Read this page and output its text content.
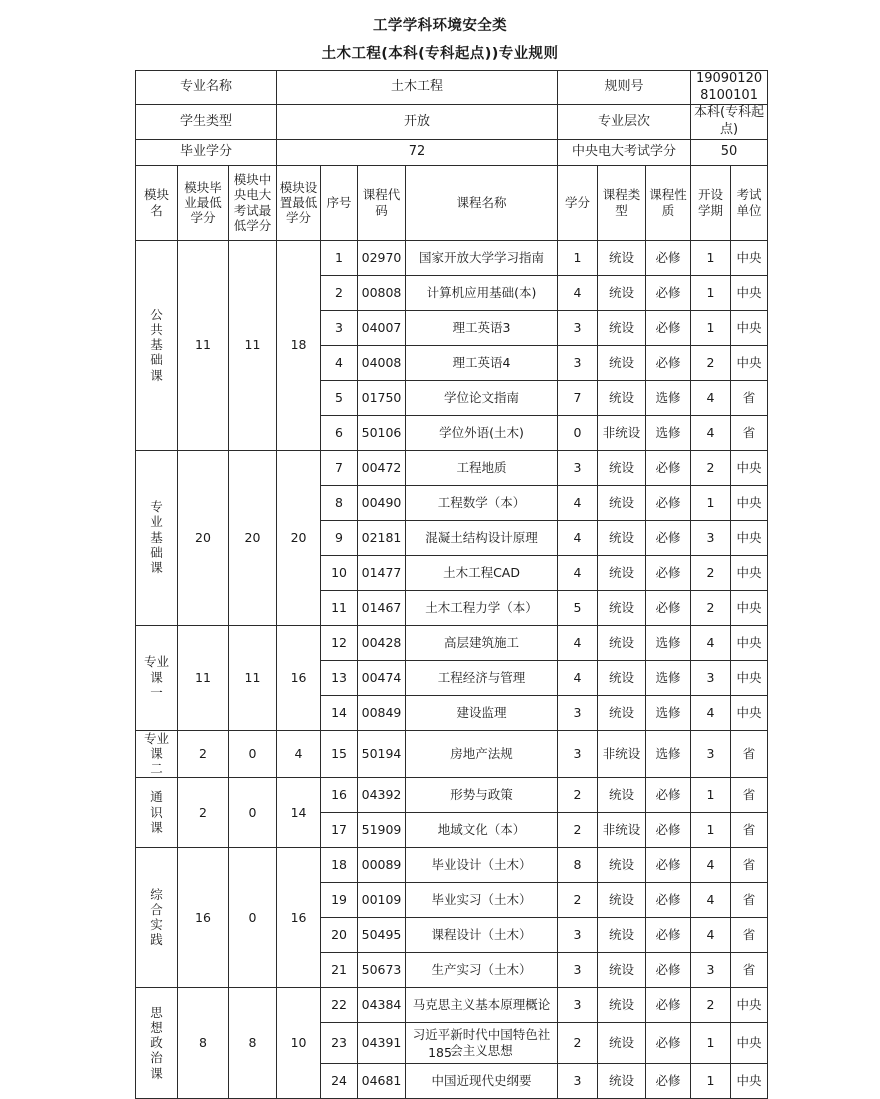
工学学科环境安全类
土木工程(本科(专科起点))专业规则
专业名称			土木工程				规则号			190901208100101	
学生类型			开放				专业层次			本科(专科起点)	
毕业学分			72				中央电大考试学分			50	
模块名	模块毕业最低学分	模块中央电大考试最低学分	模块设置最低学分	序号	课程代码	课程名称	学分	课程类型	课程性质	开设学期	考试单位

公
共
基
础
课	11	11	18	1	02970	国家开放大学学习指南	1	统设	必修	1	中央
				2	00808	计算机应用基础(本)	4	统设	必修	1	中央
				3	04007	理工英语3	3	统设	必修	1	中央
				4	04008	理工英语4	3	统设	必修	2	中央
				5	01750	学位论文指南	7	统设	选修	4	省
				6	50106	学位外语(土木)	0	非统设	选修	4	省

专
业
基
础
课	20	20	20	7	00472	工程地质	3	统设	必修	2	中央
				8	00490	工程数学（本）	4	统设	必修	1	中央
				9	02181	混凝土结构设计原理	4	统设	必修	3	中央
				10	01477	土木工程CAD	4	统设	必修	2	中央
				11	01467	土木工程力学（本）	5	统设	必修	2	中央

专业课
一	11	11	16	12	00428	高层建筑施工	4	统设	选修	4	中央
				13	00474	工程经济与管理	4	统设	选修	3	中央
				14	00849	建设监理	3	统设	选修	4	中央

专业课
二	2	0	4	15	50194	房地产法规	3	非统设	选修	3	省

通
识
课	2	0	14	16	04392	形势与政策	2	统设	必修	1	省
				17	51909	地域文化（本）	2	非统设	必修	1	省

综
合
实
践	16	0	16	18	00089	毕业设计（土木）	8	统设	必修	4	省
				19	00109	毕业实习（土木）	2	统设	必修	4	省
				20	50495	课程设计（土木）	3	统设	必修	4	省
				21	50673	生产实习（土木）	3	统设	必修	3	省

思
想
政
治
课	8	8	10	22	04384	马克思主义基本原理概论	3	统设	必修	2	中央
				23	04391	习近平新时代中国特色社会主义思想	2	统设	必修	1	中央
				24	04681	中国近现代史纲要	3	统设	必修	1	中央
185
